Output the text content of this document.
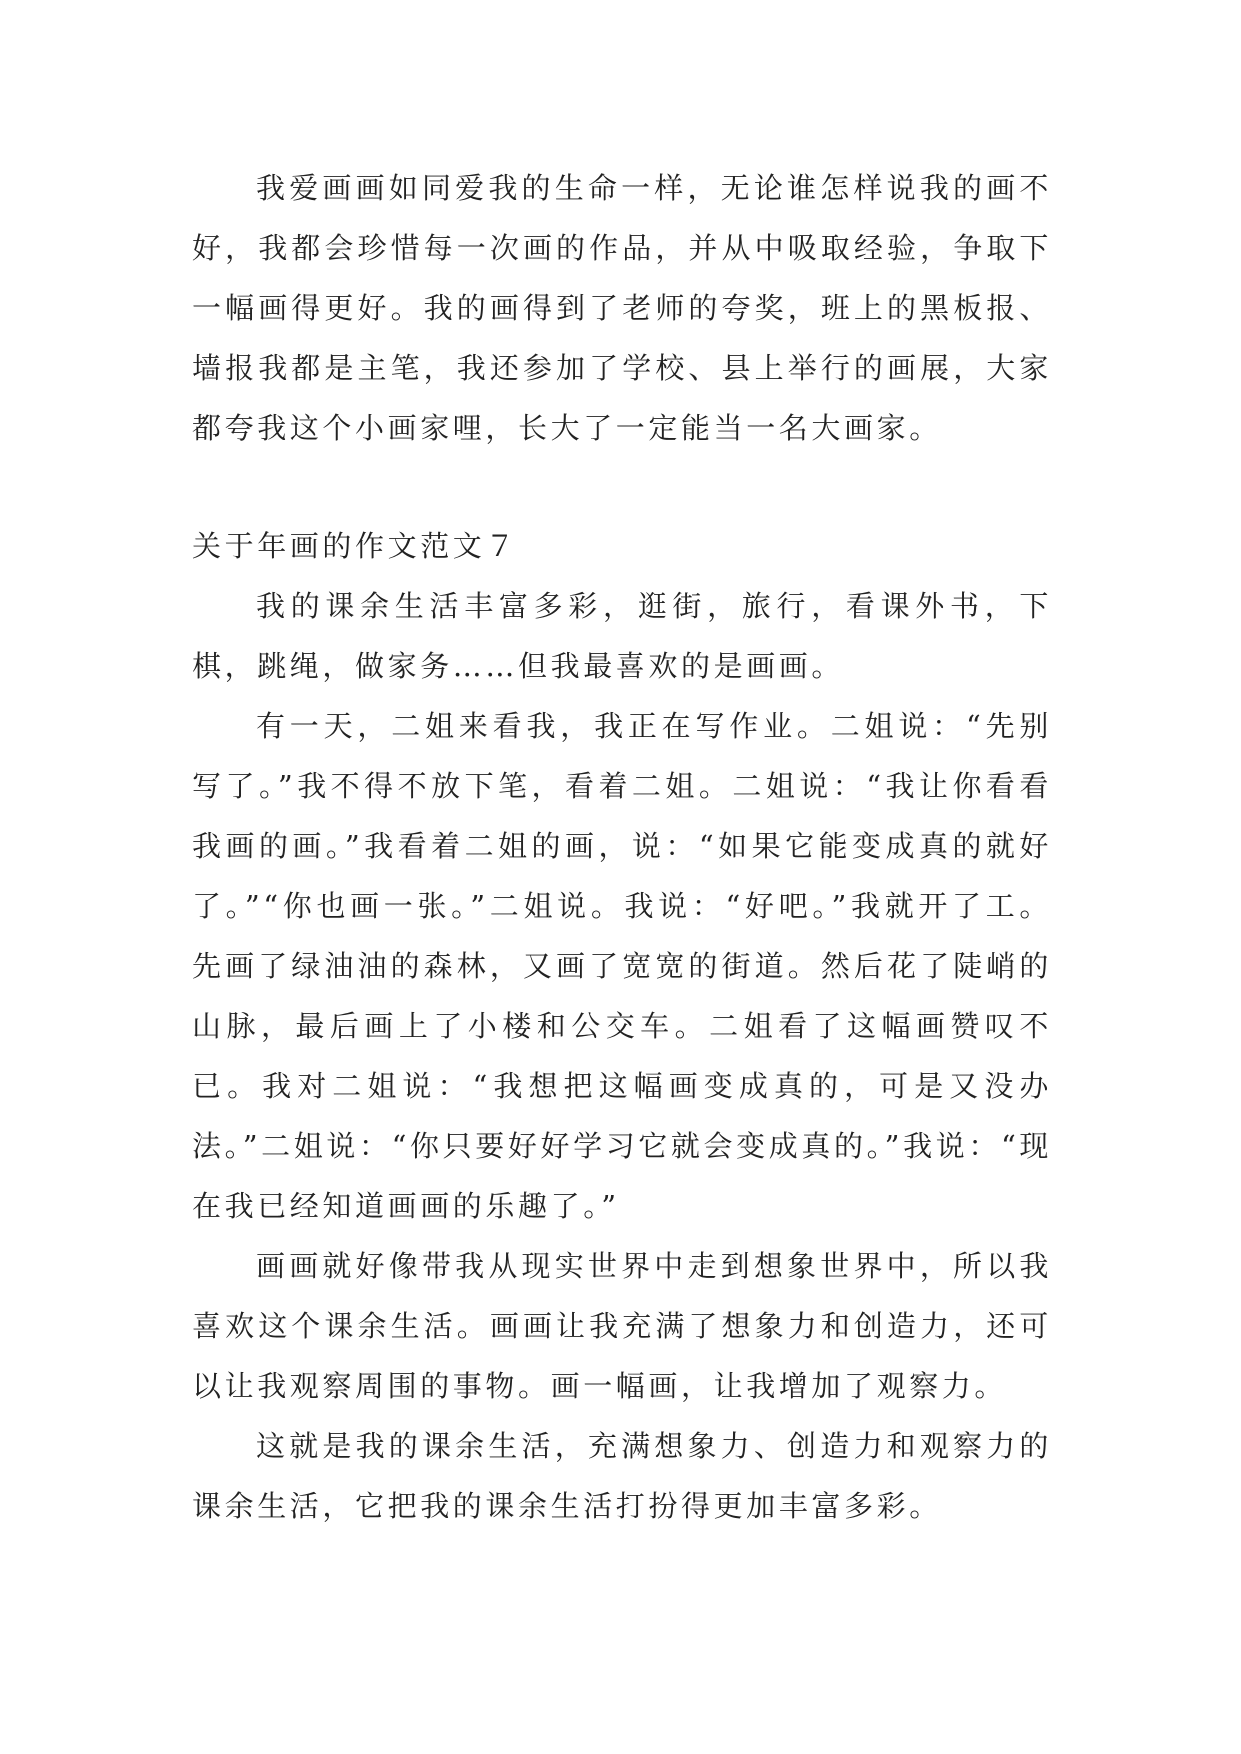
我爱画画如同爱我的生命一样，无论谁怎样说我的画不好，我都会珍惜每一次画的作品，并从中吸取经验，争取下一幅画得更好。我的画得到了老师的夸奖，班上的黑板报、墙报我都是主笔，我还参加了学校、县上举行的画展，大家都夸我这个小画家哩，长大了一定能当一名大画家。

关于年画的作文范文７

我的课余生活丰富多彩，逛街，旅行，看课外书，下棋，跳绳，做家务……但我最喜欢的是画画。

有一天，二姐来看我，我正在写作业。二姐说：“先别写了。”我不得不放下笔，看着二姐。二姐说：“我让你看看我画的画。”我看着二姐的画，说：“如果它能变成真的就好了。”“你也画一张。”二姐说。我说：“好吧。”我就开了工。先画了绿油油的森林，又画了宽宽的街道。然后花了陡峭的山脉，最后画上了小楼和公交车。二姐看了这幅画赞叹不已。我对二姐说：“我想把这幅画变成真的，可是又没办法。”二姐说：“你只要好好学习它就会变成真的。”我说：“现在我已经知道画画的乐趣了。”

画画就好像带我从现实世界中走到想象世界中，所以我喜欢这个课余生活。画画让我充满了想象力和创造力，还可以让我观察周围的事物。画一幅画，让我增加了观察力。

这就是我的课余生活，充满想象力、创造力和观察力的课余生活，它把我的课余生活打扮得更加丰富多彩。
